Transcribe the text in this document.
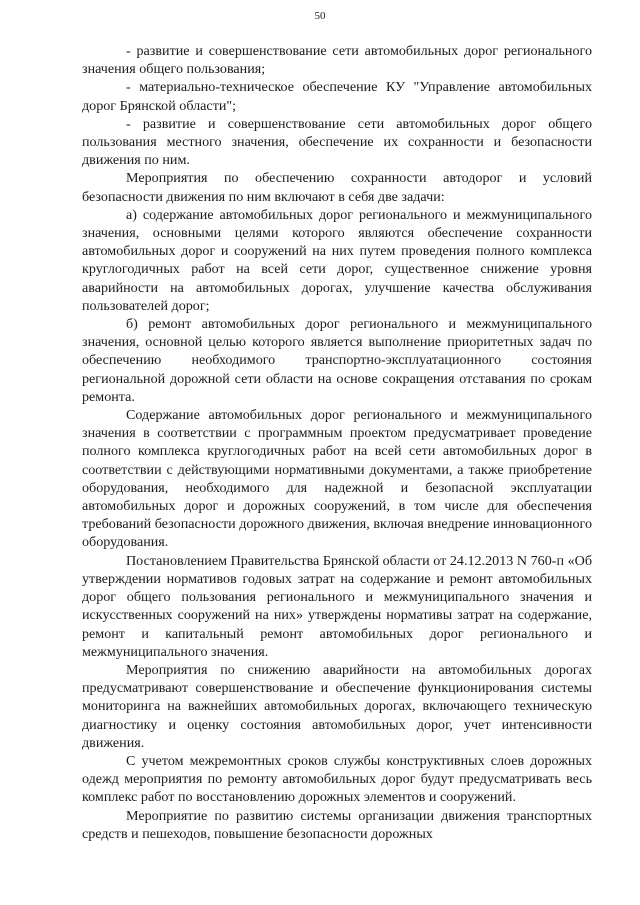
50

- развитие и совершенствование сети автомобильных дорог регионального значения общего пользования;

- материально-техническое обеспечение КУ "Управление автомобильных дорог Брянской области";

- развитие и совершенствование сети автомобильных дорог общего пользования местного значения, обеспечение их сохранности и безопасности движения по ним.

Мероприятия по обеспечению сохранности автодорог и условий безопасности движения по ним включают в себя две задачи:

а) содержание автомобильных дорог регионального и межмуниципального значения, основными целями которого являются обеспечение сохранности автомобильных дорог и сооружений на них путем проведения полного комплекса круглогодичных работ на всей сети дорог, существенное снижение уровня аварийности на автомобильных дорогах, улучшение качества обслуживания пользователей дорог;

б) ремонт автомобильных дорог регионального и межмуниципального значения, основной целью которого является выполнение приоритетных задач по обеспечению необходимого транспортно-эксплуатационного состояния региональной дорожной сети области на основе сокращения отставания по срокам ремонта.

Содержание автомобильных дорог регионального и межмуниципального значения в соответствии с программным проектом предусматривает проведение полного комплекса круглогодичных работ на всей сети автомобильных дорог в соответствии с действующими нормативными документами, а также приобретение оборудования, необходимого для надежной и безопасной эксплуатации автомобильных дорог и дорожных сооружений, в том числе для обеспечения требований безопасности дорожного движения, включая внедрение инновационного оборудования.

Постановлением Правительства Брянской области от 24.12.2013 N 760-п «Об утверждении нормативов годовых затрат на содержание и ремонт автомобильных дорог общего пользования регионального и межмуниципального значения и искусственных сооружений на них» утверждены нормативы затрат на содержание, ремонт и капитальный ремонт автомобильных дорог регионального и межмуниципального значения.

Мероприятия по снижению аварийности на автомобильных дорогах предусматривают совершенствование и обеспечение функционирования системы мониторинга на важнейших автомобильных дорогах, включающего техническую диагностику и оценку состояния автомобильных дорог, учет интенсивности движения.

С учетом межремонтных сроков службы конструктивных слоев дорожных одежд мероприятия по ремонту автомобильных дорог будут предусматривать весь комплекс работ по восстановлению дорожных элементов и сооружений.

Мероприятие по развитию системы организации движения транспортных средств и пешеходов, повышение безопасности дорожных
